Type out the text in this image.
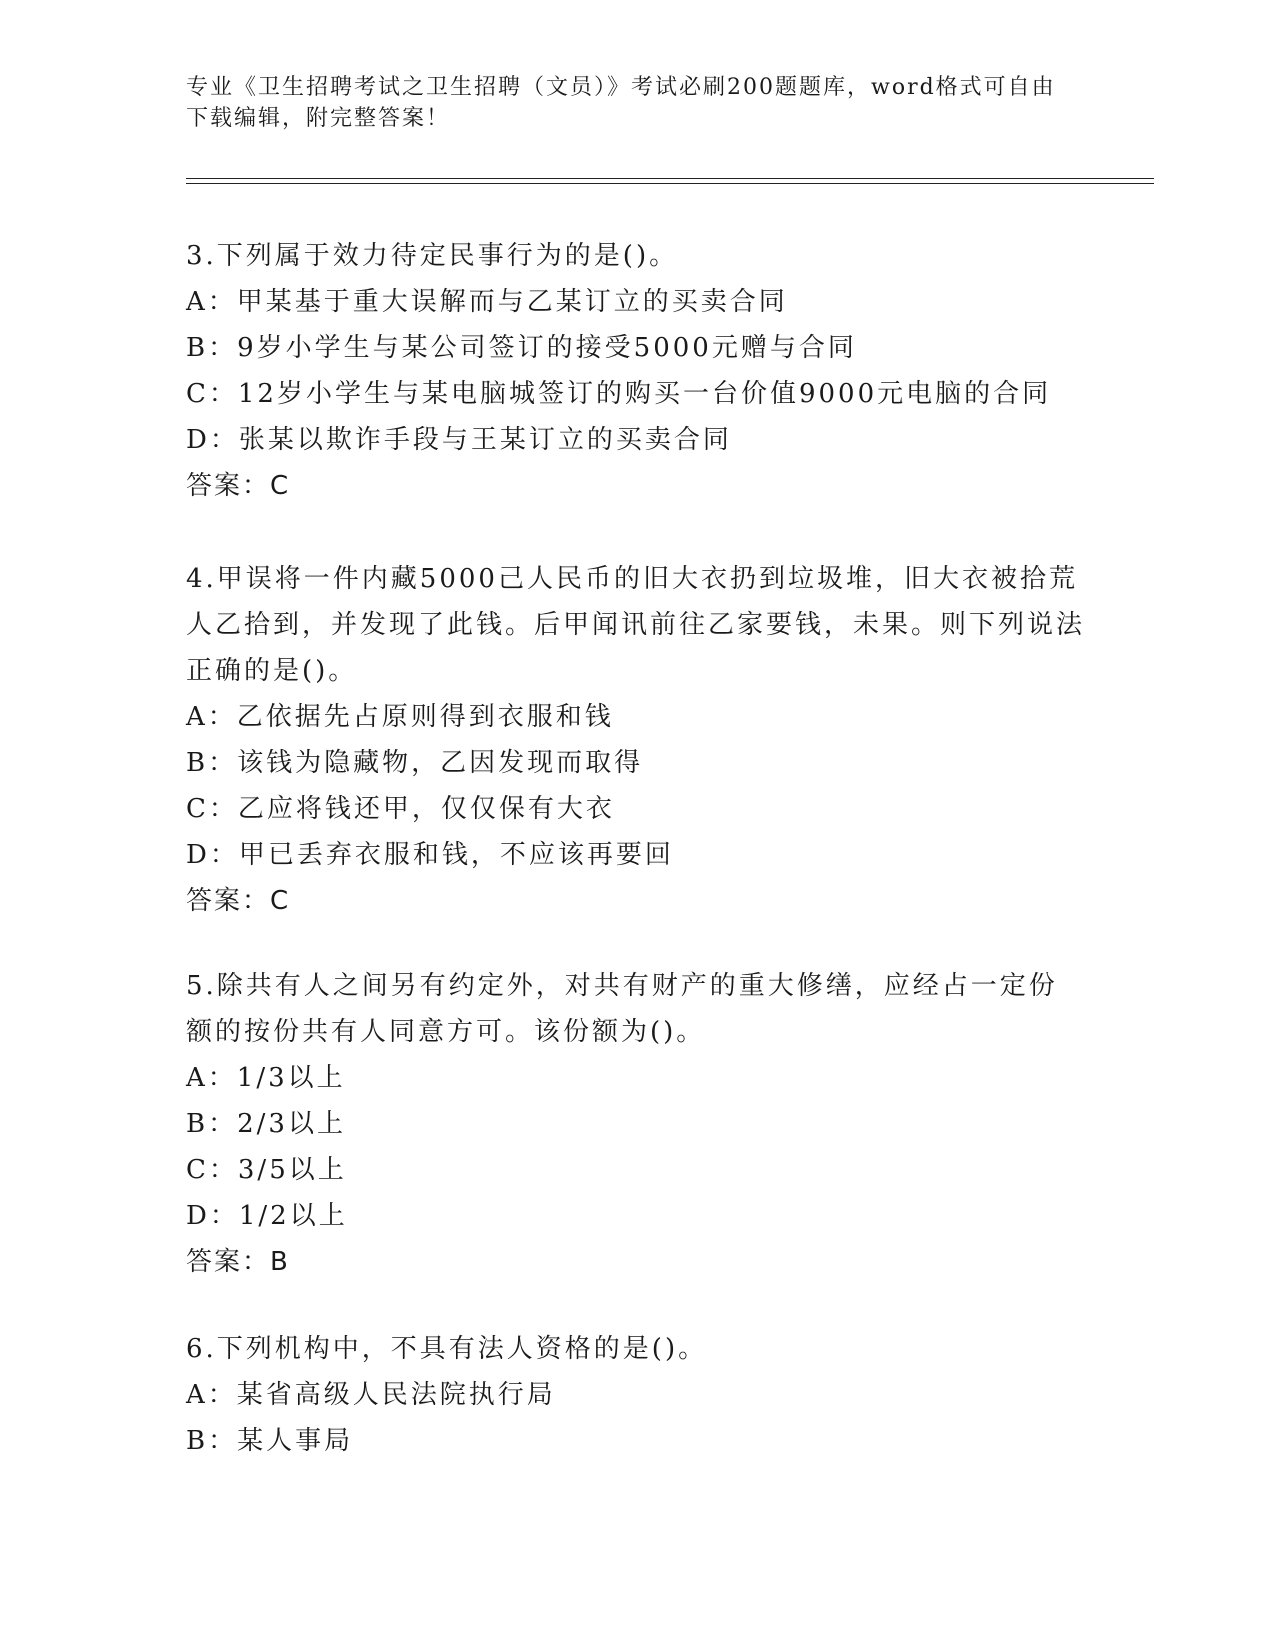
专业《卫生招聘考试之卫生招聘（文员）》考试必刷200题题库，word格式可自由下载编辑，附完整答案！
3.下列属于效力待定民事行为的是()。
A：甲某基于重大误解而与乙某订立的买卖合同
B：9岁小学生与某公司签订的接受5000元赠与合同
C：12岁小学生与某电脑城签订的购买一台价值9000元电脑的合同
D：张某以欺诈手段与王某订立的买卖合同
答案：C
4.甲误将一件内藏5000己人民币的旧大衣扔到垃圾堆，旧大衣被拾荒人乙拾到，并发现了此钱。后甲闻讯前往乙家要钱，未果。则下列说法正确的是()。
A：乙依据先占原则得到衣服和钱
B：该钱为隐藏物，乙因发现而取得
C：乙应将钱还甲，仅仅保有大衣
D：甲已丢弃衣服和钱，不应该再要回
答案：C
5.除共有人之间另有约定外，对共有财产的重大修缮，应经占一定份额的按份共有人同意方可。该份额为()。
A：1/3以上
B：2/3以上
C：3/5以上
D：1/2以上
答案：B
6.下列机构中，不具有法人资格的是()。
A：某省高级人民法院执行局
B：某人事局
